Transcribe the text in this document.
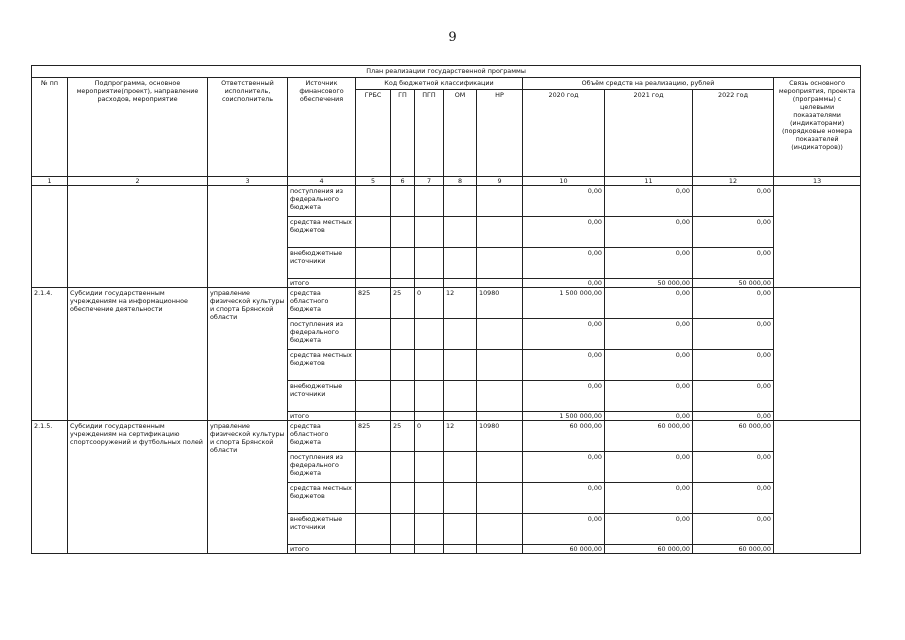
9
План реализации государственной программы												
№ пп	Подпрограмма, основное мероприятие(проект), направление расходов, мероприятие	Ответственный исполнитель, соисполнитель	Источник финансового обеспечения	Код бюджетной классификации					Объём средств на реализацию, рублей			Связь основного мероприятия, проекта (программы) с целевыми показателями (индикаторами) (порядковые номера показателей (индикаторов))
				ГРБС	ГП	ПГП	ОМ	НР	2020 год	2021 год	2022 год	
1	2	3	4	5	6	7	8	9	10	11	12	13
			поступления из федерального бюджета						0,00	0,00	0,00	
			средства местных бюджетов						0,00	0,00	0,00	
			внебюджетные источники						0,00	0,00	0,00	
			итого						0,00	50 000,00	50 000,00	
2.1.4.	Субсидии государственным учреждениям на информационное обеспечение деятельности	управление физической культуры и спорта Брянской области	средства областного бюджета	825	25	0	12	10980	1 500 000,00	0,00	0,00	
			поступления из федерального бюджета						0,00	0,00	0,00	
			средства местных бюджетов						0,00	0,00	0,00	
			внебюджетные источники						0,00	0,00	0,00	
			итого						1 500 000,00	0,00	0,00	
2.1.5.	Субсидии государственным учреждениям на сертификацию спортсооружений и футбольных полей	управление физической культуры и спорта Брянской области	средства областного бюджета	825	25	0	12	10980	60 000,00	60 000,00	60 000,00	
			поступления из федерального бюджета						0,00	0,00	0,00	
			средства местных бюджетов						0,00	0,00	0,00	
			внебюджетные источники						0,00	0,00	0,00	
			итого						60 000,00	60 000,00	60 000,00	
